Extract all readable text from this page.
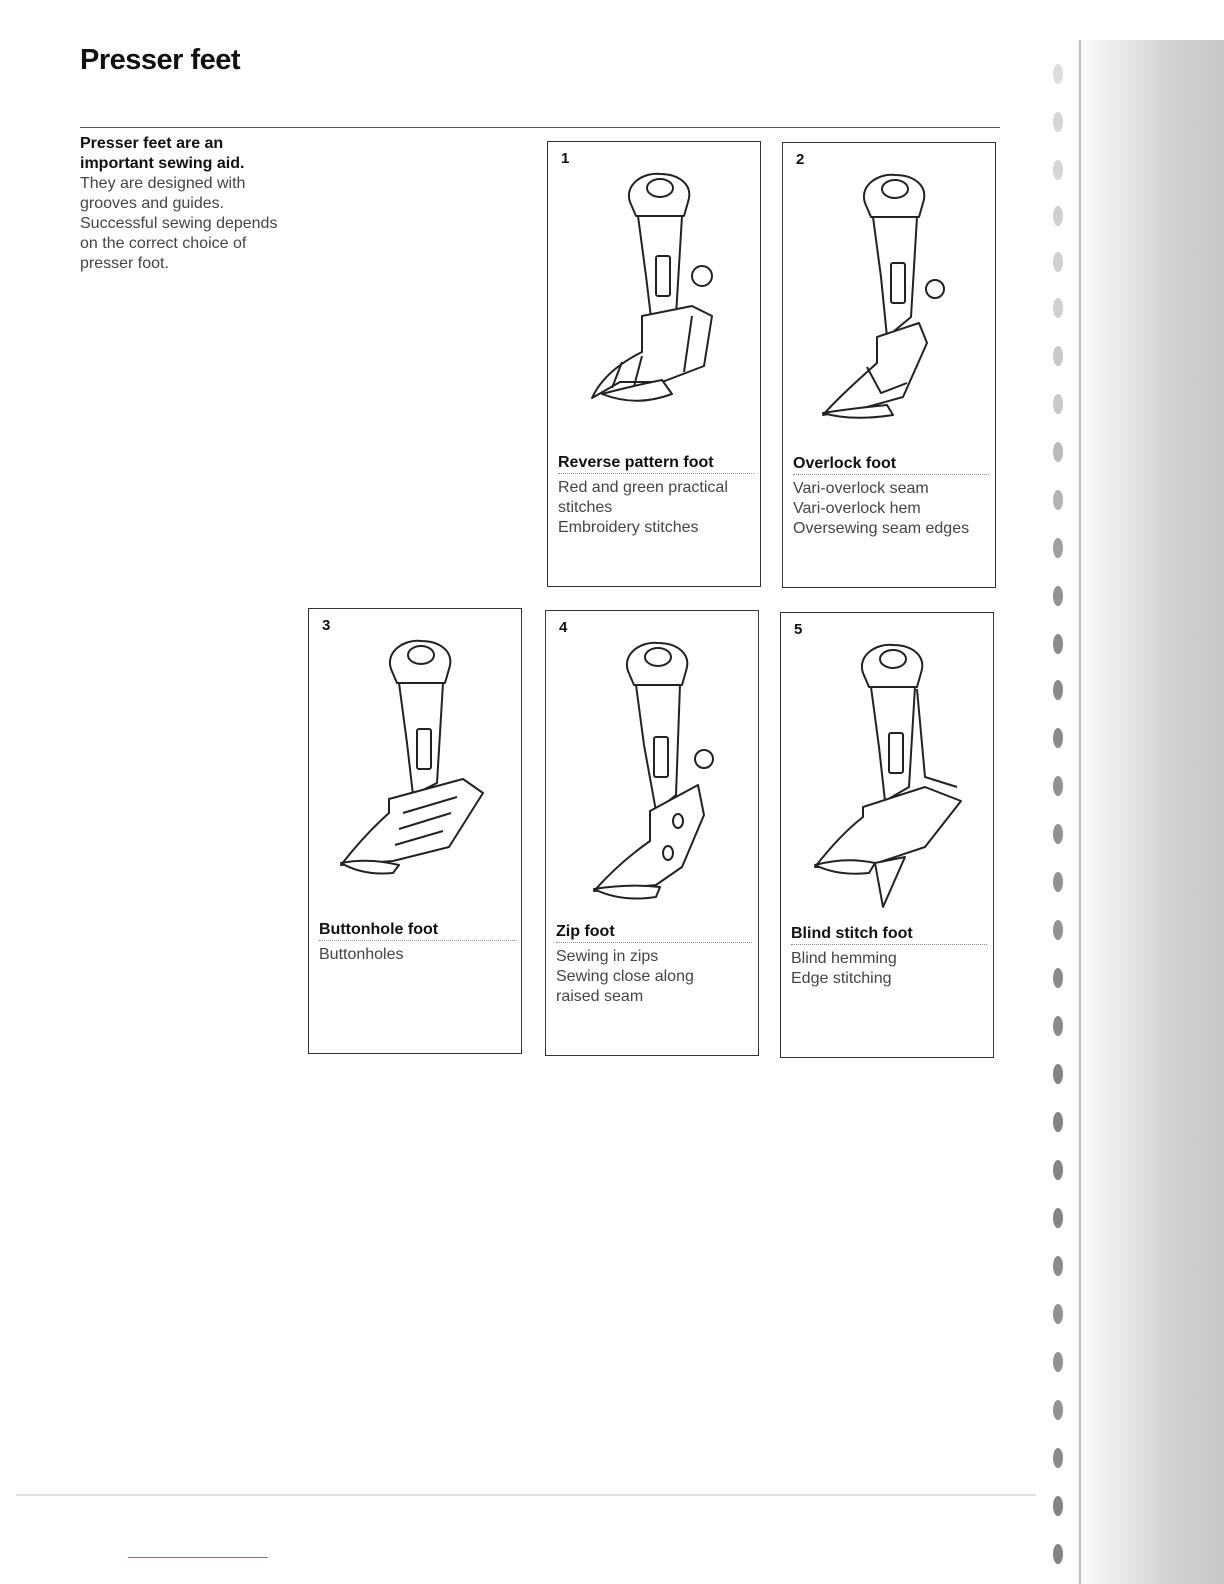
Presser feet
Presser feet are an important sewing aid.
They are designed with grooves and guides. Successful sewing depends on the correct choice of presser foot.
1
Reverse pattern foot
Red and green practical
stitches
Embroidery stitches
2
Overlock foot
Vari-overlock seam
Vari-overlock hem
Oversewing seam edges
3
Buttonhole foot
Buttonholes
4
Zip foot
Sewing in zips
Sewing close along
raised seam
5
Blind stitch foot
Blind hemming
Edge stitching
